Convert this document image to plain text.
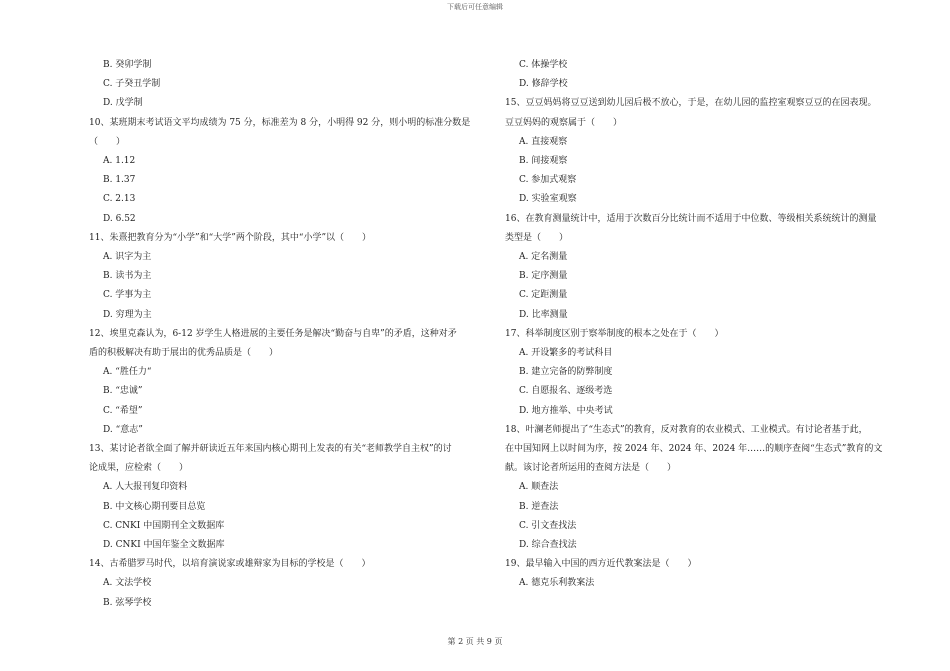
下载后可任意编辑
B. 癸卯学制
C. 子癸丑学制
D. 戊学制
10、某班期末考试语文平均成绩为 75 分，标准差为 8 分，小明得 92 分，则小明的标准分数是
（　　）
A. 1.12
B. 1.37
C. 2.13
D. 6.52
11、朱熹把教育分为“小学”和“大学”两个阶段，其中“小学”以（　　）
A. 识字为主
B. 读书为主
C. 学事为主
D. 穷理为主
12、埃里克森认为，6-12 岁学生人格进展的主要任务是解决“勤奋与自卑”的矛盾，这种对矛
盾的积极解决有助于展出的优秀品质是（　　）
A. “胜任力“
B. “忠诚”
C. “希望”
D. “意志”
13、某讨论者欲全面了解并研读近五年来国内核心期刊上发表的有关“老师教学自主权”的讨
论成果，应检索（　　）
A. 人大报刊复印资料
B. 中文核心期刊要目总览
C. CNKI 中国期刊全文数据库
D. CNKI 中国年鉴全文数据库
14、古希腊罗马时代，以培育演说家或雄辩家为目标的学校是（　　）
A. 文法学校
B. 弦琴学校
C. 体操学校
D. 修辞学校
15、豆豆妈妈将豆豆送到幼儿园后极不放心，于是，在幼儿园的监控室观察豆豆的在园表现。
豆豆妈妈的观察属于（　　）
A. 直接观察
B. 间接观察
C. 参加式观察
D. 实验室观察
16、在教育测量统计中，适用于次数百分比统计而不适用于中位数、等级相关系统统计的测量
类型是（　　）
A. 定名测量
B. 定序测量
C. 定距测量
D. 比率测量
17、科举制度区别于察举制度的根本之处在于（　　）
A. 开设繁多的考试科目
B. 建立完备的防弊制度
C. 自愿报名、逐级考选
D. 地方推举、中央考试
18、叶澜老师提出了“生态式”的教育，反对教育的农业模式、工业模式。有讨论者基于此，
在中国知网上以时间为序，按 2024 年、2024 年、2024 年……的顺序查阅“生态式”教育的文
献。该讨论者所运用的查阅方法是（　　）
A. 顺查法
B. 逆查法
C. 引文查找法
D. 综合查找法
19、最早输入中国的西方近代教案法是（　　）
A. 德克乐利教案法
第 2 页 共 9 页
